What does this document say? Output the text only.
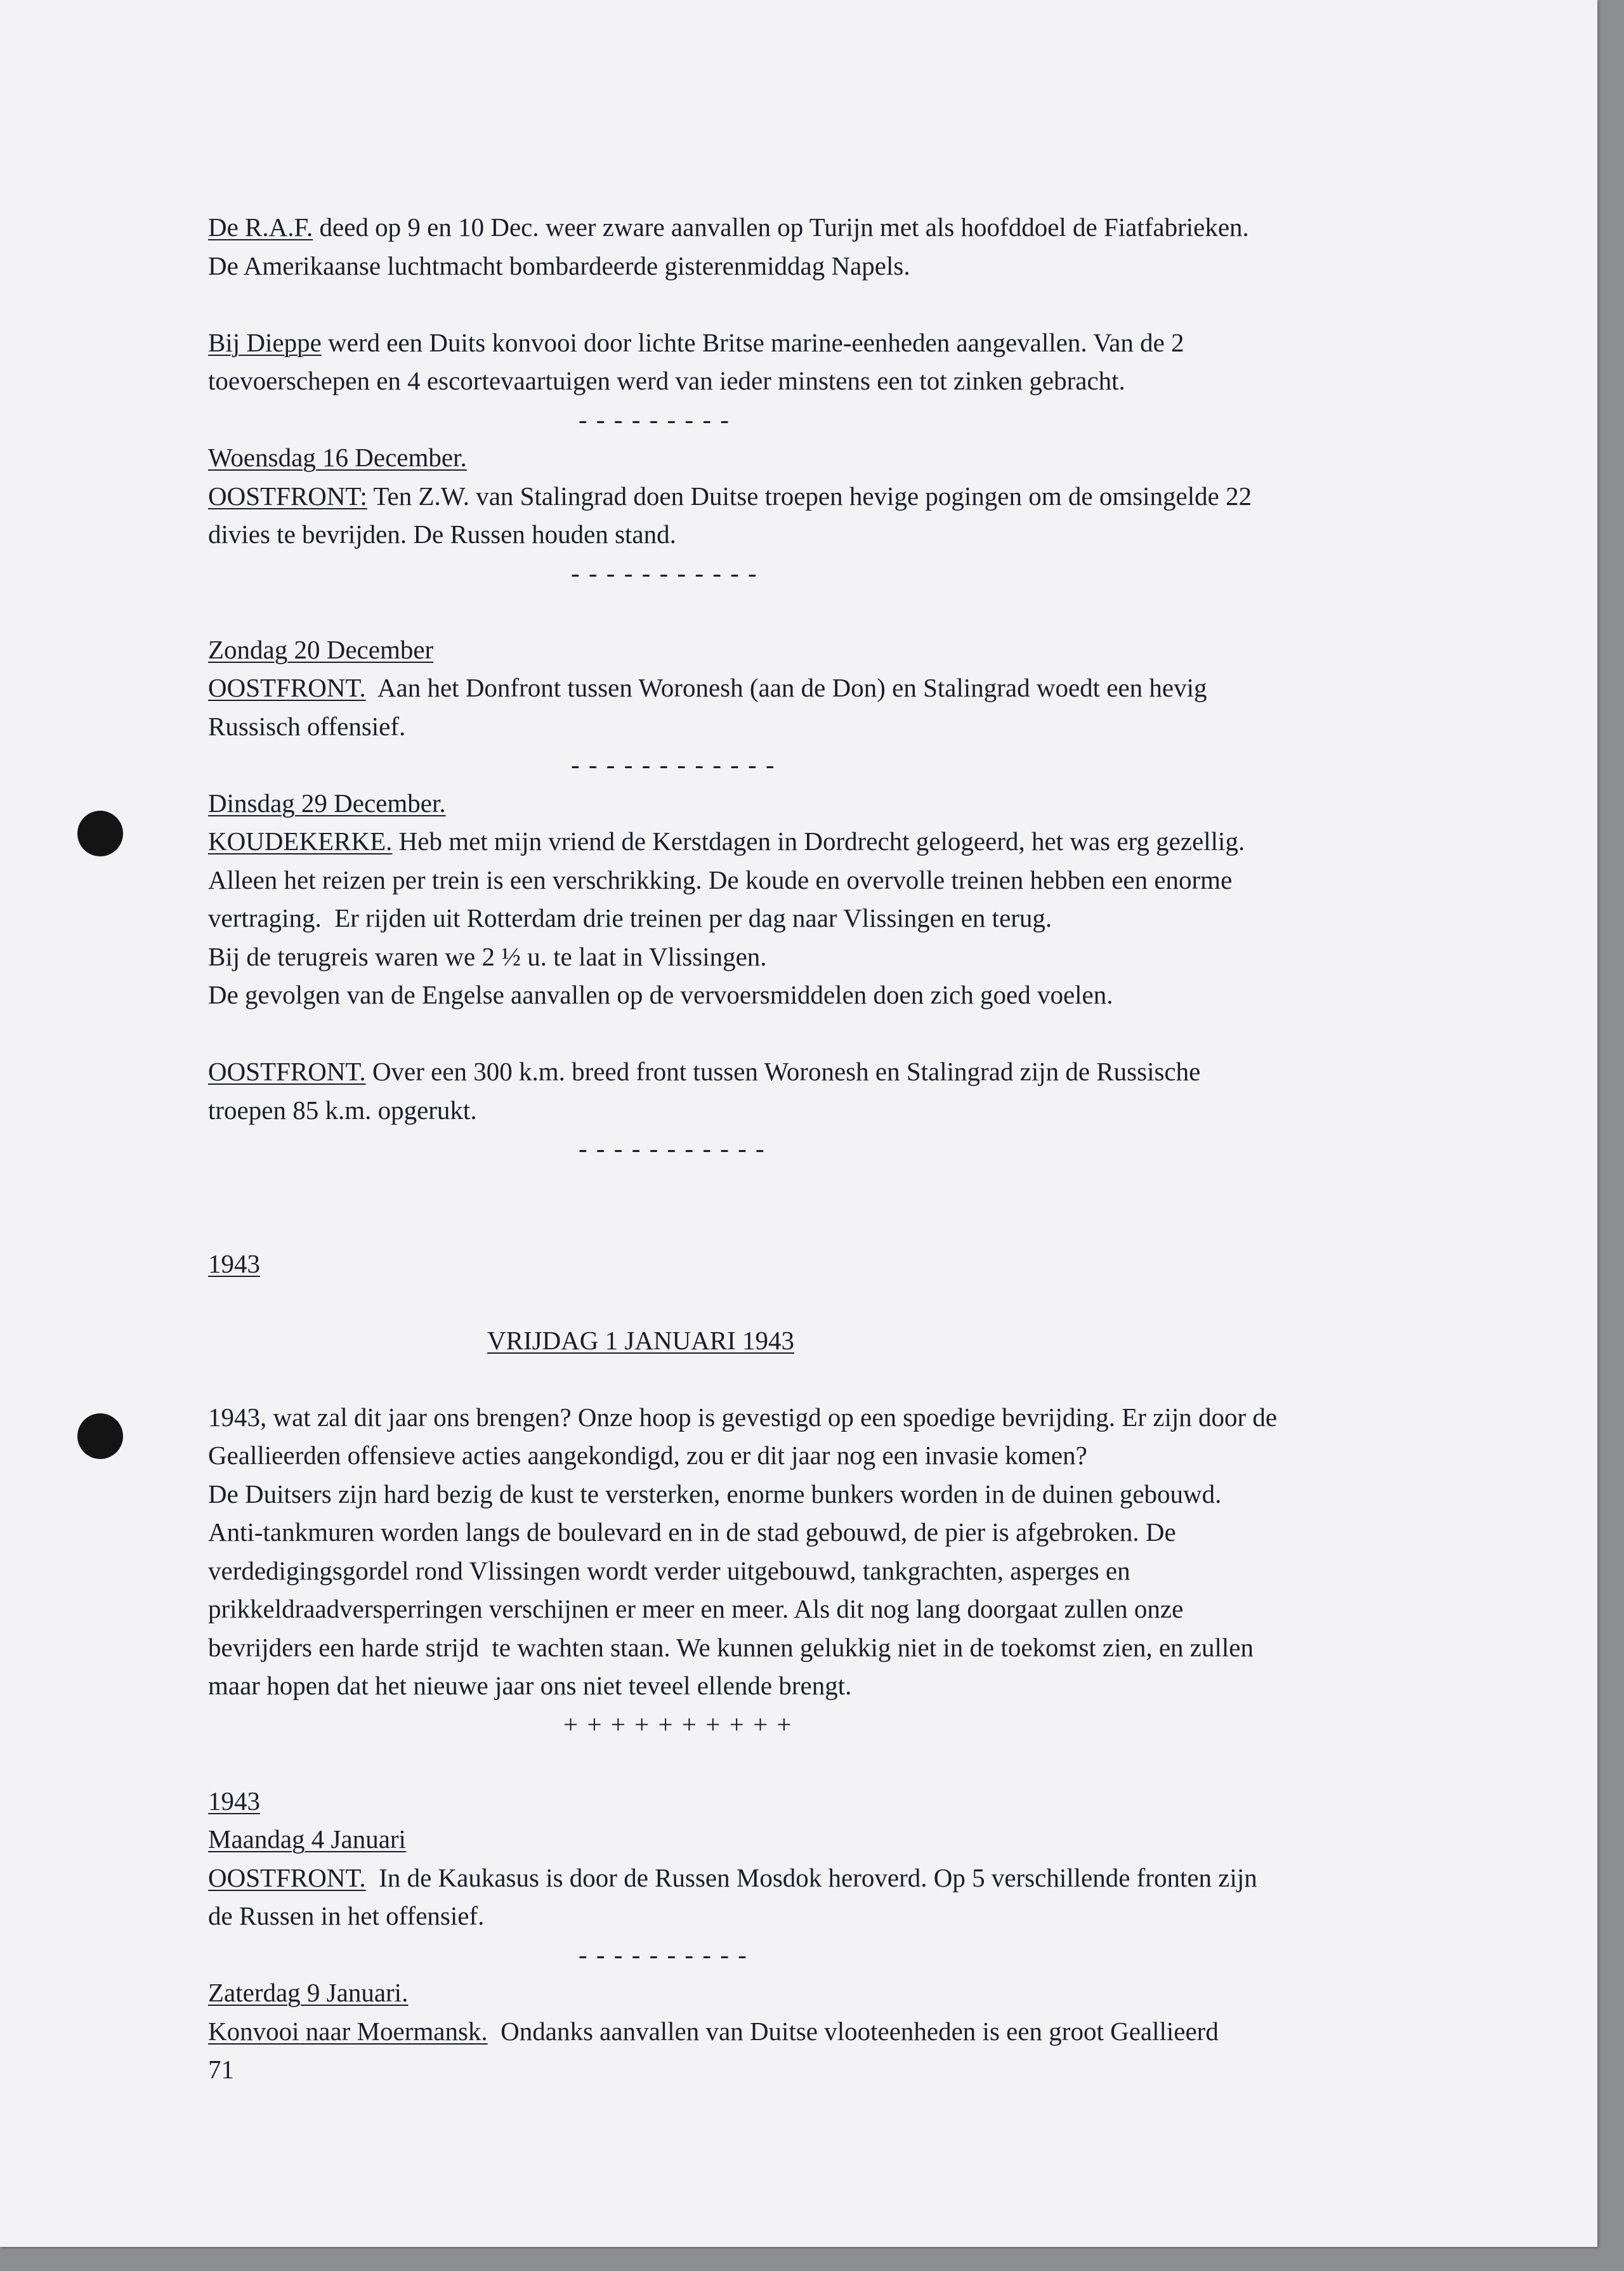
De R.A.F. deed op 9 en 10 Dec. weer zware aanvallen op Turijn met als hoofddoel de Fiatfabrieken.

De Amerikaanse luchtmacht bombardeerde gisterenmiddag Napels.

Bij Dieppe werd een Duits konvooi door lichte Britse marine-eenheden aangevallen. Van de 2

toevoerschepen en 4 escortevaartuigen werd van ieder minstens een tot zinken gebracht.

- - - - - - - - -

Woensdag 16 December.

OOSTFRONT: Ten Z.W. van Stalingrad doen Duitse troepen hevige pogingen om de omsingelde 22

divies te bevrijden. De Russen houden stand.

- - - - - - - - - - -

Zondag 20 December

OOSTFRONT.  Aan het Donfront tussen Woronesh (aan de Don) en Stalingrad woedt een hevig

Russisch offensief.

- - - - - - - - - - - -

Dinsdag 29 December.

KOUDEKERKE. Heb met mijn vriend de Kerstdagen in Dordrecht gelogeerd, het was erg gezellig.

Alleen het reizen per trein is een verschrikking. De koude en overvolle treinen hebben een enorme

vertraging.  Er rijden uit Rotterdam drie treinen per dag naar Vlissingen en terug.

Bij de terugreis waren we 2 ½ u. te laat in Vlissingen.

De gevolgen van de Engelse aanvallen op de vervoersmiddelen doen zich goed voelen.

OOSTFRONT. Over een 300 k.m. breed front tussen Woronesh en Stalingrad zijn de Russische

troepen 85 k.m. opgerukt.

- - - - - - - - - - -

1943

VRIJDAG 1 JANUARI 1943

1943, wat zal dit jaar ons brengen? Onze hoop is gevestigd op een spoedige bevrijding. Er zijn door de

Geallieerden offensieve acties aangekondigd, zou er dit jaar nog een invasie komen?

De Duitsers zijn hard bezig de kust te versterken, enorme bunkers worden in de duinen gebouwd.

Anti-tankmuren worden langs de boulevard en in de stad gebouwd, de pier is afgebroken. De

verdedigingsgordel rond Vlissingen wordt verder uitgebouwd, tankgrachten, asperges en

prikkeldraadversperringen verschijnen er meer en meer. Als dit nog lang doorgaat zullen onze

bevrijders een harde strijd  te wachten staan. We kunnen gelukkig niet in de toekomst zien, en zullen

maar hopen dat het nieuwe jaar ons niet teveel ellende brengt.

+ + + + + + + + + +

1943

Maandag 4 Januari

OOSTFRONT.  In de Kaukasus is door de Russen Mosdok heroverd. Op 5 verschillende fronten zijn

de Russen in het offensief.

- - - - - - - - - -

Zaterdag 9 Januari.

Konvooi naar Moermansk.  Ondanks aanvallen van Duitse vlooteenheden is een groot Geallieerd

71
